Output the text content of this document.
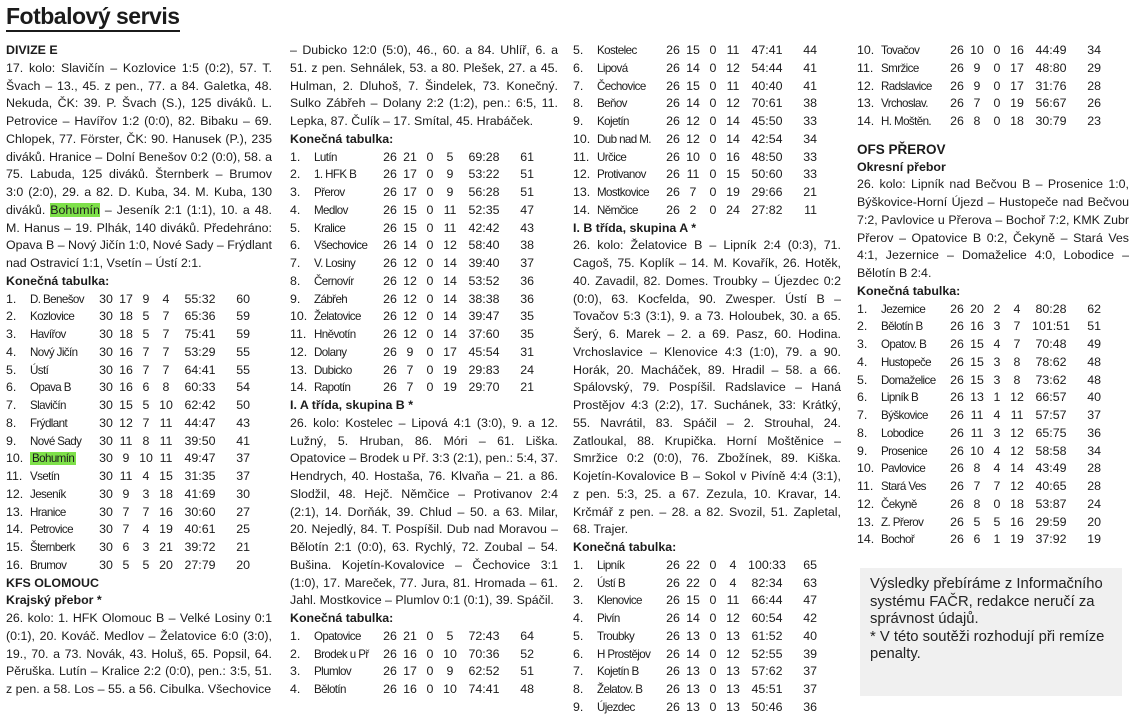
Fotbalový servis
DIVIZE E
17. kolo: Slavičín – Kozlovice 1:5 (0:2), 57. T. Švach – 13., 45. z pen., 77. a 84. Galetka, 48. Nekuda, ČK: 39. P. Švach (S.), 125 diváků. L. Petrovice – Havířov 1:2 (0:0), 82. Bibaku – 69. Chlopek, 77. Förster, ČK: 90. Hanusek (P.), 235 diváků. Hranice – Dolní Benešov 0:2 (0:0), 58. a 75. Labuda, 125 diváků. Šternberk – Brumov 3:0 (2:0), 29. a 82. D. Kuba, 34. M. Kuba, 130 diváků. Bohumín – Jeseník 2:1 (1:1), 10. a 48. M. Hanus – 19. Plhák, 140 diváků. Předehráno: Opava B – Nový Jičín 1:0, Nové Sady – Frýdlant nad Ostravicí 1:1, Vsetín – Ústí 2:1.
Konečná tabulka:
1.	D. Benešov	30 17 9	4	55:32	60
2.	Kozlovice	30 18 5	7	65:36	59
3.	Havířov	30 18 5	7	75:41	59
4.	Nový Jičín	30 16 7	7	53:29	55
5.	Ústí	30 16 7	7	64:41	55
6.	Opava B	30 16 6	8	60:33	54
7.	Slavičín	30 15 5 10 62:42	50
8.	Frýdlant	30 12 7 11 44:47	43
9.	Nové Sady	30 11 8 11 39:50	41
10. Bohumín	30 9 10 11 49:47	37
11. Vsetín	30 11 4 15 31:35	37
12. Jeseník	30 9	3 18 41:69	30
13. Hranice	30 7	7 16 30:60	27
14. Petrovice	30 7	4 19 40:61	25
15. Šternberk	30 6	3 21 39:72	21
16. Brumov	30 5	5 20 27:79	20
KFS OLOMOUC
Krajský přebor *
26. kolo: 1. HFK Olomouc B – Velké Losiny 0:1 (0:1), 20. Kováč. Medlov – Želatovice 6:0 (3:0), 19., 70. a 73. Novák, 43. Holuš, 65. Popsil, 64. Pěruška. Lutín – Kralice 2:2 (0:0), pen.: 3:5, 51. z pen. a 58. Los – 55. a 56. Cibulka. Všechovice
– Dubicko 12:0 (5:0), 46., 60. a 84. Uhlíř, 6. a 51. z pen. Sehnálek, 53. a 80. Plešek, 27. a 45. Hulman, 2. Dluhoš, 7. Šindelek, 73. Konečný. Sulko Zábřeh – Dolany 2:2 (1:2), pen.: 6:5, 11. Lepka, 87. Čulík – 17. Smítal, 45. Hrabáček.
Konečná tabulka:
1.	Lutín	26 21 0	5	69:28	61
2.	1. HFK B	26 17 0	9	53:22	51
3.	Přerov	26 17 0	9	56:28	51
4.	Medlov	26 15 0 11 52:35	47
5.	Kralice	26 15 0 11 42:42	43
6.	Všechovice	26 14 0 12 58:40	38
7.	V. Losiny	26 12 0 14 39:40	37
8.	Černovír	26 12 0 14 53:52	36
9.	Zábřeh	26 12 0 14 38:38	36
10. Želatovice	26 12 0 14 39:47	35
11. Hněvotín	26 12 0 14 37:60	35
12. Dolany	26 9	0 17 45:54	31
13. Dubicko	26 7	0 19 29:83	24
14. Rapotín	26 7	0 19 29:70	21
I. A třída, skupina B *
26. kolo: Kostelec – Lipová 4:1 (3:0), 9. a 12. Lužný, 5. Hruban, 86. Móri – 61. Liška. Opatovice – Brodek u Př. 3:3 (2:1), pen.: 5:4, 37. Hendrych, 40. Hostaša, 76. Klvaňa – 21. a 86. Slodžil, 48. Hejč. Němčice – Protivanov 2:4 (2:1), 14. Dorňák, 39. Chlud – 50. a 63. Milar, 20. Nejedlý, 84. T. Pospíšil. Dub nad Moravou – Bělotín 2:1 (0:0), 63. Rychlý, 72. Zoubal – 54. Bušina. Kojetín-Kovalovice – Čechovice 3:1 (1:0), 17. Mareček, 77. Jura, 81. Hromada – 61. Jahl. Mostkovice – Plumlov 0:1 (0:1), 39. Spáčil.
Konečná tabulka:
1.	Opatovice	26 21 0	5	72:43	64
2.	Brodek u Př	26 16 0 10 70:36	52
3.	Plumlov	26 17 0	9	62:52	51
4.	Bělotín	26 16 0 10 74:41	48
5.	Kostelec	26 15 0 11 47:41	44
6.	Lipová	26 14 0 12 54:44	41
7.	Čechovice	26 15 0 11 40:40	41
8.	Beňov	26 14 0 12 70:61	38
9.	Kojetín	26 12 0 14 45:50	33
10. Dub nad M.	26 12 0 14 42:54	34
11. Určice	26 10 0 16 48:50	33
12. Protivanov	26 11 0 15 50:60	33
13. Mostkovice	26 7	0 19 29:66	21
14. Němčice	26 2	0 24 27:82	11
I. B třída, skupina A *
26. kolo: Želatovice B – Lipník 2:4 (0:3), 71. Cagoš, 75. Koplík – 14. M. Kovařík, 26. Hotěk, 40. Zavadil, 82. Domes. Troubky – Újezdec 0:2 (0:0), 63. Kocfelda, 90. Zwesper. Ústí B – Tovačov 5:3 (3:1), 9. a 73. Holoubek, 30. a 65. Šerý, 6. Marek – 2. a 69. Pasz, 60. Hodina. Vrchoslavice – Klenovice 4:3 (1:0), 79. a 90. Horák, 20. Macháček, 89. Hradil – 58. a 66. Spálovský, 79. Pospíšil. Radslavice – Haná Prostějov 4:3 (2:2), 17. Suchánek, 33: Krátký, 55. Navrátil, 83. Spáčil – 2. Strouhal, 24. Zatloukal, 88. Krupička. Horní Moštěnice – Smržice 0:2 (0:0), 76. Zbožínek, 89. Kiška. Kojetín-Kovalovice B – Sokol v Pivíně 4:4 (3:1), z pen. 5:3, 25. a 67. Zezula, 10. Kravar, 14. Krčmář z pen. – 28. a 82. Svozil, 51. Zapletal, 68. Trajer.
Konečná tabulka:
1.	Lipník	26 22 0	4 100:33	65
2.	Ústí B	26 22 0	4	82:34	63
3.	Klenovice	26 15 0 11 66:44	47
4.	Pivín	26 14 0 12 60:54	42
5.	Troubky	26 13 0 13 61:52	40
6.	H Prostějov	26 14 0 12 52:55	39
7.	Kojetín B	26 13 0 13 57:62	37
8.	Želatov. B	26 13 0 13 45:51	37
9.	Újezdec	26 13 0 13 50:46	36
10. Tovačov	26 10 0 16 44:49	34
11. Smržice	26 9	0 17 48:80	29
12. Radslavice	26 9	0 17 31:76	28
13. Vrchoslav.	26 7	0 19 56:67	26
14. H. Moštěn.	26 8	0 18 30:79	23
OFS PŘEROV
Okresní přebor
26. kolo: Lipník nad Bečvou B – Prosenice 1:0, Býškovice-Horní Újezd – Hustopeče nad Bečvou 7:2, Pavlovice u Přerova – Bochoř 7:2, KMK Zubr Přerov – Opatovice B 0:2, Čekyně – Stará Ves 4:1, Jezernice – Domaželice 4:0, Lobodice – Bělotín B 2:4.
Konečná tabulka:
1.	Jezernice	26 20 2	4	80:28	62
2.	Bělotín B	26 16 3	7 101:51	51
3.	Opatov. B	26 15 4	7	70:48	49
4.	Hustopeče	26 15 3	8	78:62	48
5.	Domaželice	26 15 3	8	73:62	48
6.	Lipník B	26 13 1 12 66:57	40
7.	Býškovice	26 11 4 11 57:57	37
8.	Lobodice	26 11 3 12 65:75	36
9.	Prosenice	26 10 4 12 58:58	34
10. Pavlovice	26 8	4 14 43:49	28
11. Stará Ves	26 7	7 12 40:65	28
12. Čekyně	26 8	0 18 53:87	24
13. Z. Přerov	26 5	5 16 29:59	20
14. Bochoř	26 6	1 19 37:92	19
Výsledky přebíráme z Informačního systému FAČR, redakce neručí za správnost údajů.
* V této soutěži rozhodují při remíze penalty.
